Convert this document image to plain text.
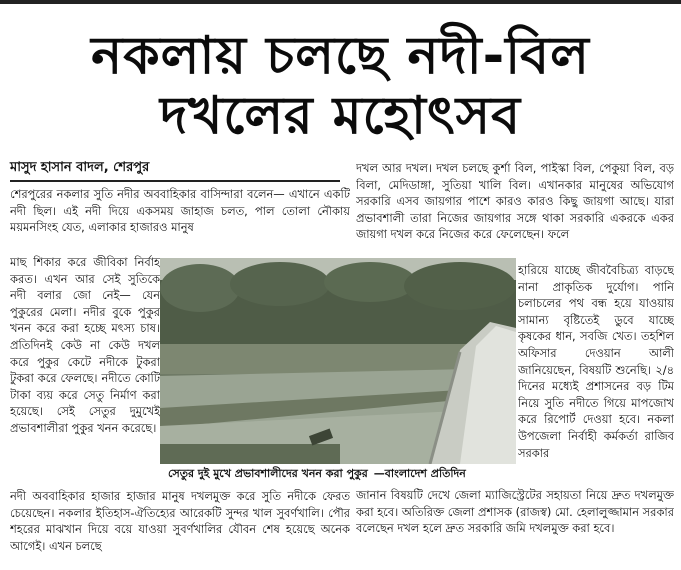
নকলায় চলছে নদী-বিল
দখলের মহোৎসব
মাসুদ হাসান বাদল, শেরপুর

শেরপুরের নকলার সুতি নদীর অববাহিকার বাসিন্দারা বলেন— এখানে একটি নদী ছিল। এই নদী দিয়ে একসময় জাহাজ চলত, পাল তোলা নৌকায় ময়মনসিংহ যেত, এলাকার হাজারও মানুষ

মাছ শিকার করে জীবিকা নির্বাহ করত। এখন আর সেই সুতিকে নদী বলার জো নেই— যেন পুকুরের মেলা। নদীর বুকে পুকুর খনন করে করা হচ্ছে মৎস্য চাষ। প্রতিদিনই কেউ না কেউ দখল করে পুকুর কেটে নদীকে টুকরা টুকরা করে ফেলছে। নদীতে কোটি টাকা ব্যয় করে সেতু নির্মাণ করা হয়েছে। সেই সেতুর দুমুখেই প্রভাবশালীরা পুকুর খনন করেছে।

নদী অববাহিকার হাজার হাজার মানুষ দখলমুক্ত করে সুতি নদীকে ফেরত চেয়েছেন। নকলার ইতিহাস-ঐতিহ্যের আরেকটি সুন্দর খাল সুবর্ণখালি। পৌর শহরের মাঝখান দিয়ে বয়ে যাওয়া সুবর্ণখালির যৌবন শেষ হয়েছে অনেক আগেই। এখন চলছে

দখল আর দখল। দখল চলছে কুর্শা বিল, পাইস্কা বিল, পেকুয়া বিল, বড় বিলা, মেদিডাঙ্গা, সুতিয়া খালি বিল। এখানকার মানুষের অভিযোগ সরকারি এসব জায়গার পাশে কারও কারও কিছু জায়গা আছে। যারা প্রভাবশালী তারা নিজের জায়গার সঙ্গে থাকা সরকারি একরকে একর জায়গা দখল করে নিজের করে ফেলেছেন। ফলে

হারিয়ে যাচ্ছে জীববৈচিত্র্য বাড়ছে নানা প্রাকৃতিক দুর্যোগ। পানি চলাচলের পথ বন্ধ হয়ে যাওয়ায় সামান্য বৃষ্টিতেই ডুবে যাচ্ছে কৃষকের ধান, সবজি খেত। তহশিল অফিসার দেওয়ান আলী জানিয়েছেন, বিষয়টি শুনেছি। ২/৪ দিনের মধ্যেই প্রশাসনের বড় টিম নিয়ে সুতি নদীতে গিয়ে মাপজোখ করে রিপোর্ট দেওয়া হবে। নকলা উপজেলা নির্বাহী কর্মকর্তা রাজিব সরকার

জানান বিষয়টি দেখে জেলা ম্যাজিস্ট্রেটের সহায়তা নিয়ে দ্রুত দখলমুক্ত করা হবে। অতিরিক্ত জেলা প্রশাসক (রাজস্ব) মো. হেলালুজ্জামান সরকার বলেছেন দখল হলে দ্রুত সরকারি জমি দখলমুক্ত করা হবে।

সেতুর দুই মুখে প্রভাবশালীদের খনন করা পুকুর —বাংলাদেশ প্রতিদিন
